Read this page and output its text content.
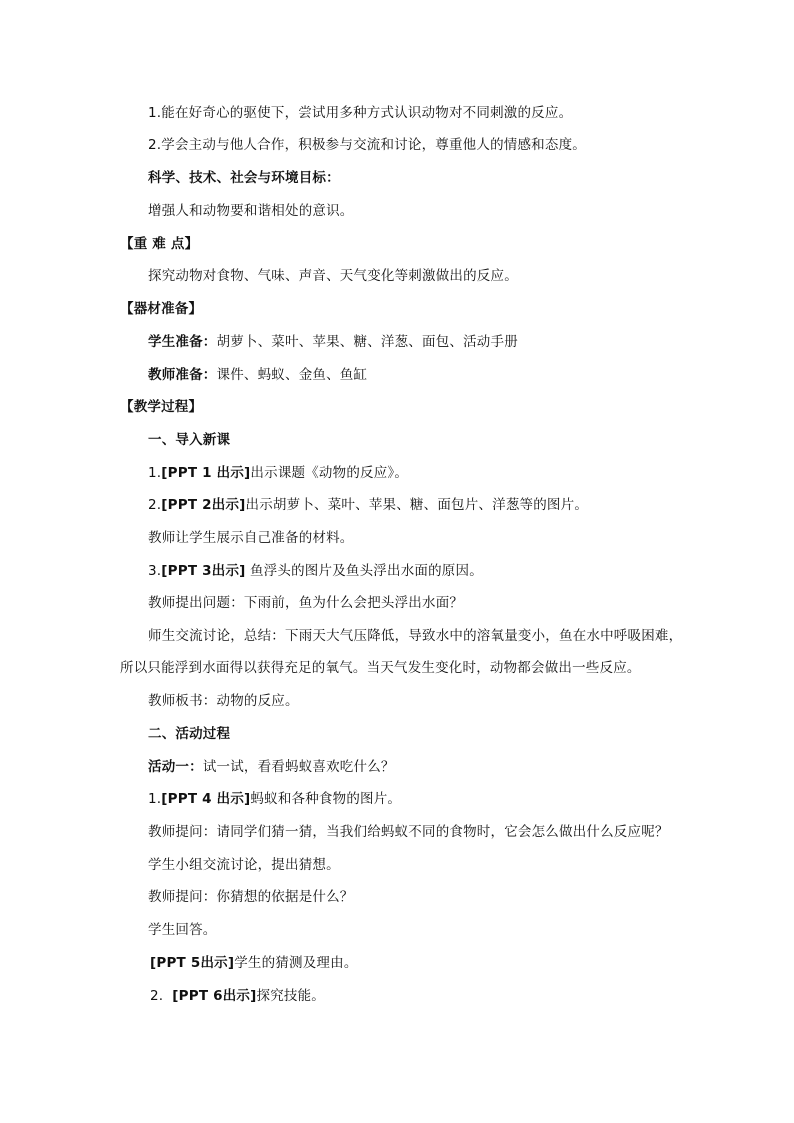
1.能在好奇心的驱使下，尝试用多种方式认识动物对不同刺激的反应。
2.学会主动与他人合作，积极参与交流和讨论，尊重他人的情感和态度。
科学、技术、社会与环境目标：
增强人和动物要和谐相处的意识。
【重 难 点】
探究动物对食物、气味、声音、天气变化等刺激做出的反应。
【器材准备】
学生准备：胡萝卜、菜叶、苹果、糖、洋葱、面包、活动手册
教师准备：课件、蚂蚁、金鱼、鱼缸
【教学过程】
一、导入新课
1.[PPT 1 出示]出示课题《动物的反应》。
2.[PPT 2出示]出示胡萝卜、菜叶、苹果、糖、面包片、洋葱等的图片。
教师让学生展示自己准备的材料。
3.[PPT 3出示] 鱼浮头的图片及鱼头浮出水面的原因。
教师提出问题：下雨前，鱼为什么会把头浮出水面？
师生交流讨论，总结：下雨天大气压降低，导致水中的溶氧量变小，鱼在水中呼吸困难，
所以只能浮到水面得以获得充足的氧气。当天气发生变化时，动物都会做出一些反应。
教师板书：动物的反应。
二、活动过程
活动一：试一试，看看蚂蚁喜欢吃什么？
1.[PPT 4 出示]蚂蚁和各种食物的图片。
教师提问：请同学们猜一猜，当我们给蚂蚁不同的食物时，它会怎么做出什么反应呢？
学生小组交流讨论，提出猜想。
教师提问：你猜想的依据是什么？
学生回答。
[PPT 5出示]学生的猜测及理由。
2. [PPT 6出示]探究技能。
